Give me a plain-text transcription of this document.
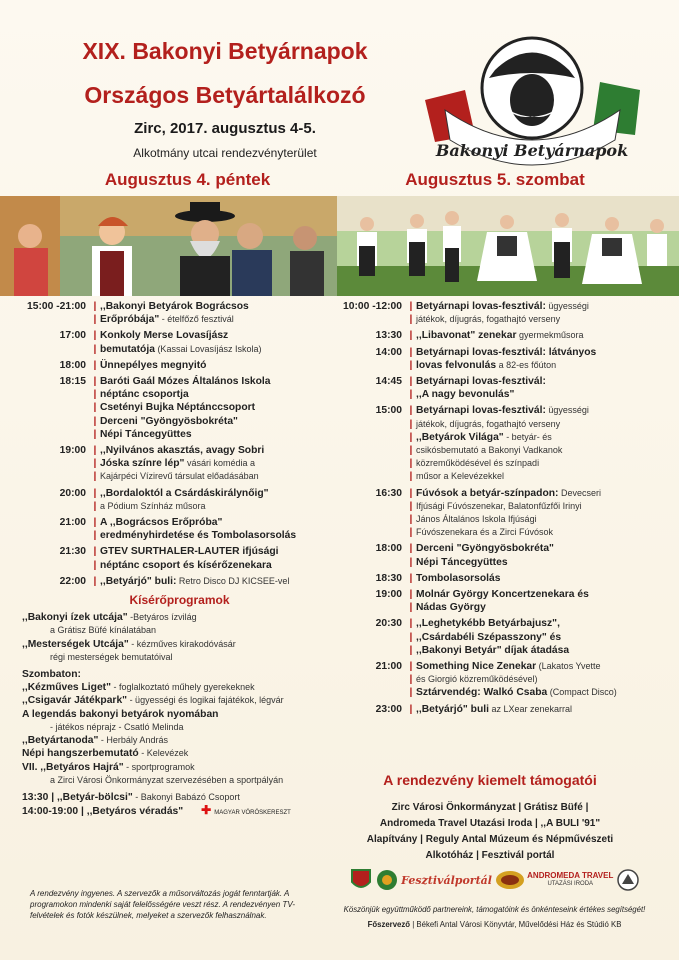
XIX. Bakonyi Betyárnapok
Országos Betyártalálkozó
Zirc, 2017. augusztus 4-5.
Alkotmány utcai rendezvényterület	Bakonyi Betyárnapok
Augusztus 4. péntek	Augusztus 5. szombat
15:00 -21:00 | ,,Bakonyi Betyárok Bográcsos
| Erőpróbája" - ételfőző fesztivál
17:00 | Konkoly Merse Lovasíjász
| bemutatója (Kassai Lovasíjász Iskola)
18:00 | Ünnepélyes megnyitó
18:15 | Baróti Gaál Mózes Általános Iskola
| néptánc csoportja
| Csetényi Bujka Néptánccsoport
| Derceni "Gyöngyösbokréta"
| Népi Táncegyüttes
19:00 | ,,Nyilvános akasztás, avagy Sobri
| Jóska színre lép" vásári komédia a
| Kajárpéci Vízirevű társulat előadásában
20:00 | ,,Bordaloktól a Csárdáskirálynőig"
| a Pódium Színház műsora
21:00 | A ,,Bográcsos Erőpróba"
| eredményhirdetése és Tombolasorsolás
21:30 | GTEV SURTHALER-LAUTER ifjúsági
| néptánc csoport és kísérőzenekara
22:00 | ,,Betyárjó" buli: Retro Disco DJ KICSEE-vel
Kísérőprogramok
,,Bakonyi ízek utcája" -Betyáros ízvilág
a Grátisz Büfé kínálatában
,,Mesterségek Utcája" - kézműves kirakodóvásár
régi mesterségek bemutatóival
Szombaton:
,,Kézműves Liget" - foglalkoztató műhely gyerekeknek
,,Csigavár Játékpark" - ügyességi és logikai fajátékok, légvár
A legendás bakonyi betyárok nyomában
- játékos néprajz - Csatló Melinda
,,Betyártanoda" - Herbály András
Népi hangszerbemutató - Kelevézek
VII. ,,Betyáros Hajrá" - sportprogramok
a Zirci Városi Önkormányzat szervezésében a sportpályán
13:30 | ,,Betyár-bölcsi" - Bakonyi Babázó Csoport
14:00-19:00 | ,,Betyáros véradás" ✚ MAGYAR VÖRÖSKERESZT
10:00 -12:00 | Betyárnapi lovas-fesztivál: ügyességi
| játékok, díjugrás, fogathajtó verseny
13:30 | ,,Libavonat" zenekar gyermekműsora
14:00 | Betyárnapi lovas-fesztivál: látványos
| lovas felvonulás a 82-es főúton
14:45 | Betyárnapi lovas-fesztivál:
| ,,A nagy bevonulás"
15:00 | Betyárnapi lovas-fesztivál: ügyességi
| játékok, díjugrás, fogathajtó verseny
| ,,Betyárok Világa" - betyár- és
| csikósbemutató a Bakonyi Vadkanok
| közreműködésével és színpadi
| műsor a Kelevézekkel
16:30 | Fúvósok a betyár-színpadon: Devecseri
| Ifjúsági Fúvószenekar, Balatonfűzfői Irinyi
| János Általános Iskola Ifjúsági
| Fúvószenekara és a Zirci Fúvósok
18:00 | Derceni "Gyöngyösbokréta"
| Népi Táncegyüttes
18:30 | Tombolasorsolás
19:00 | Molnár György Koncertzenekara és
| Nádas György
20:30 | ,,Leghetykébb Betyárbajusz",
| ,,Csárdabéli Szépasszony" és
| ,,Bakonyi Betyár" díjak átadása
21:00 | Something Nice Zenekar (Lakatos Yvette
| és Giorgió közreműködésével)
| Sztárvendég: Walkó Csaba (Compact Disco)
23:00 | ,,Betyárjó" buli az LXear zenekarral
A rendezvény kiemelt támogatói
Zirc Városi Önkormányzat | Grátisz Büfé |
Andromeda Travel Utazási Iroda | ,,A BULI '91"
Alapítvány | Reguly Antal Múzeum és Népművészeti
Alkotóház | Fesztivál portál
Fesztiválportál	ANDROMEDA TRAVEL
UTAZÁSI IRODA
Köszönjük együttműködő partnereink, támogatóink és önkénteseink értékes segítségét!
Főszervező | Békefi Antal Városi Könyvtár, Művelődési Ház és Stúdió KB
A rendezvény ingyenes. A szervezők a műsorváltozás jogát fenntartják. A programokon mindenki saját felelősségére veszt rész. A rendezvényen TV- felvételek és fotók készülnek, melyeket a szervezők felhasználnak.
